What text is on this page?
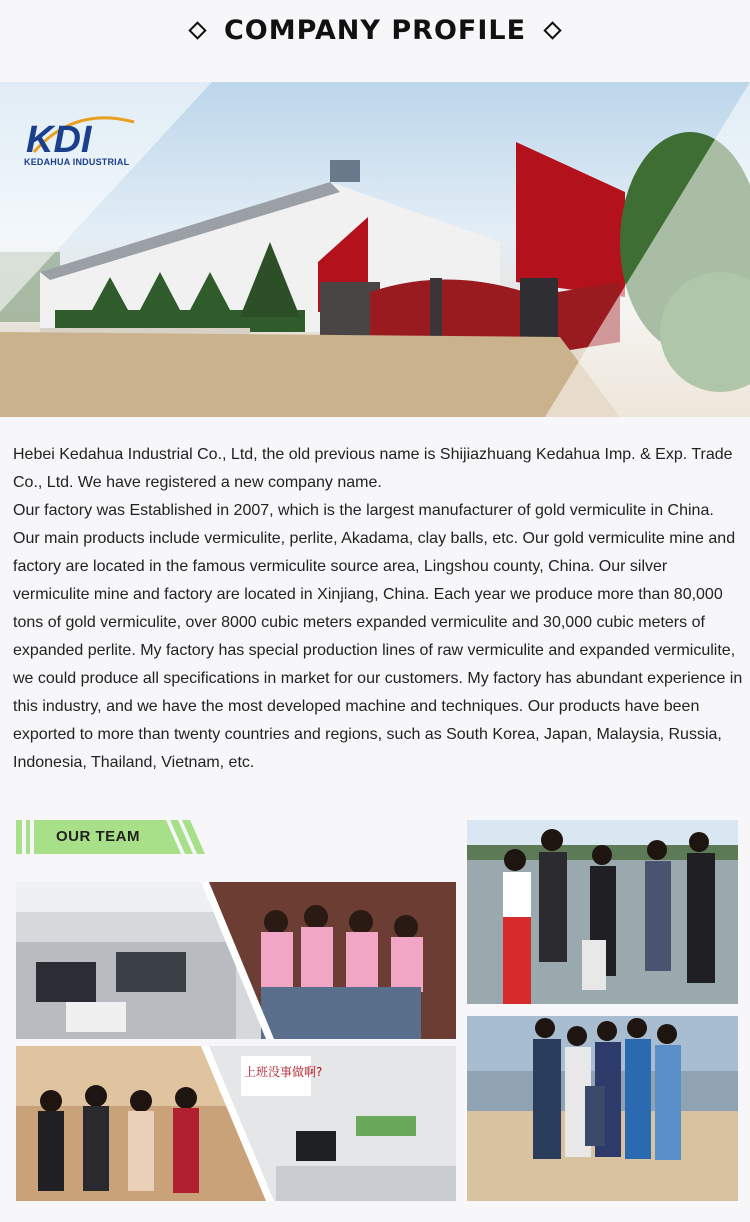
COMPANY PROFILE
KDI
KEDAHUA INDUSTRIAL

Hebei Kedahua Industrial Co., Ltd, the old previous name is Shijiazhuang Kedahua Imp. & Exp. Trade Co., Ltd. We have registered a new company name.

Our factory was Established in 2007, which is the largest manufacturer of gold vermiculite in China. Our main products include vermiculite, perlite, Akadama, clay balls, etc. Our gold vermiculite mine and factory are located in the famous vermiculite source area, Lingshou county, China. Our silver vermiculite mine and factory are located in Xinjiang, China. Each year we produce more than 80,000 tons of gold vermiculite, over 8000 cubic meters expanded vermiculite and 30,000 cubic meters of expanded perlite. My factory has special production lines of raw vermiculite and expanded vermiculite, we could produce all specifications in market for our customers. My factory has abundant experience in this industry, and we have the most developed machine and techniques. Our products have been exported to more than twenty countries and regions, such as South Korea, Japan, Malaysia, Russia, Indonesia, Thailand, Vietnam, etc.

OUR TEAM
上班没事做啊?
